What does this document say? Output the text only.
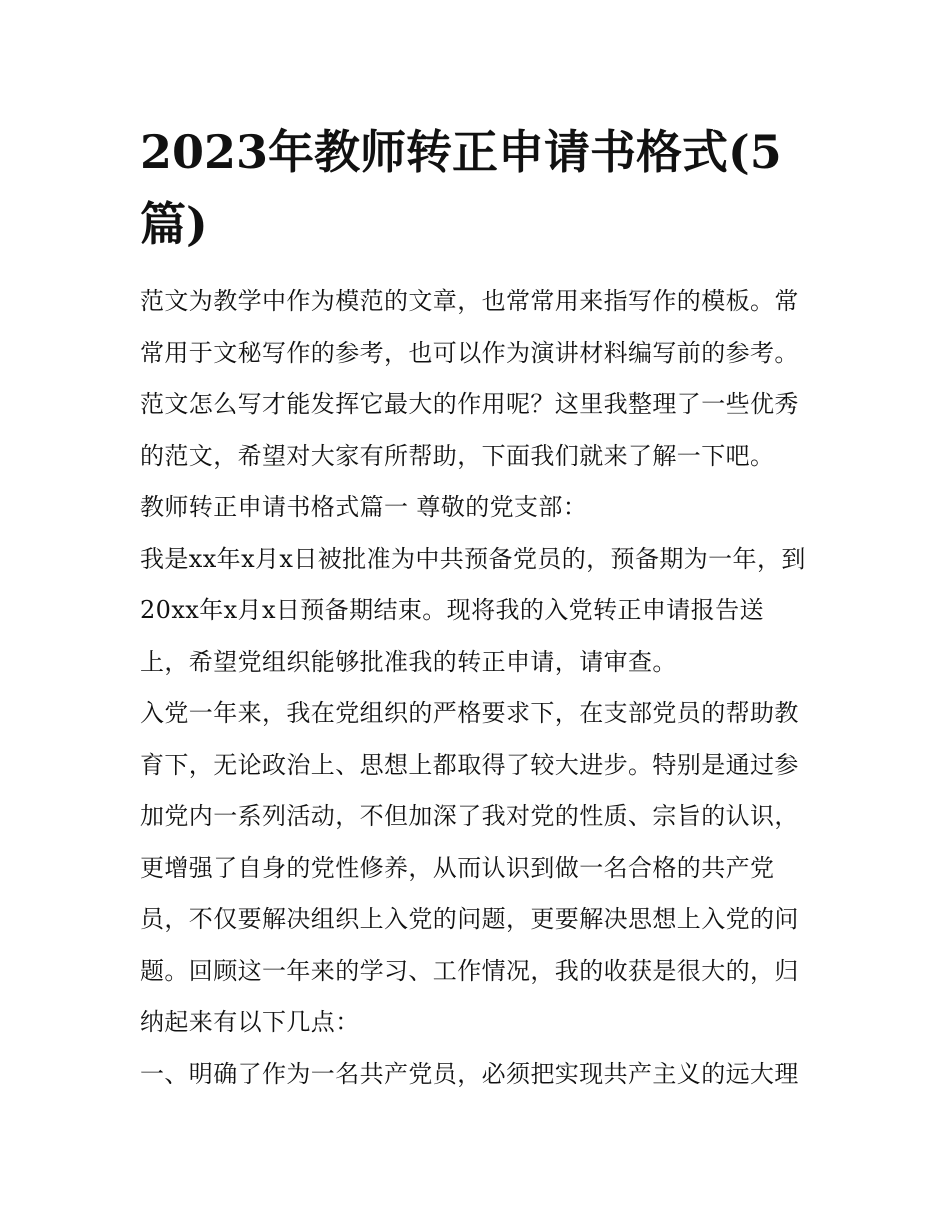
2023年教师转正申请书格式(5篇)

范文为教学中作为模范的文章，也常常用来指写作的模板。常常用于文秘写作的参考，也可以作为演讲材料编写前的参考。范文怎么写才能发挥它最大的作用呢？这里我整理了一些优秀的范文，希望对大家有所帮助，下面我们就来了解一下吧。

教师转正申请书格式篇一 尊敬的党支部：

我是xx年x月x日被批准为中共预备党员的，预备期为一年，到20xx年x月x日预备期结束。现将我的入党转正申请报告送上，希望党组织能够批准我的转正申请，请审查。

入党一年来，我在党组织的严格要求下，在支部党员的帮助教育下，无论政治上、思想上都取得了较大进步。特别是通过参加党内一系列活动，不但加深了我对党的性质、宗旨的认识，更增强了自身的党性修养，从而认识到做一名合格的共产党员，不仅要解决组织上入党的问题，更要解决思想上入党的问题。回顾这一年来的学习、工作情况，我的收获是很大的，归纳起来有以下几点：

一、明确了作为一名共产党员，必须把实现共产主义的远大理
